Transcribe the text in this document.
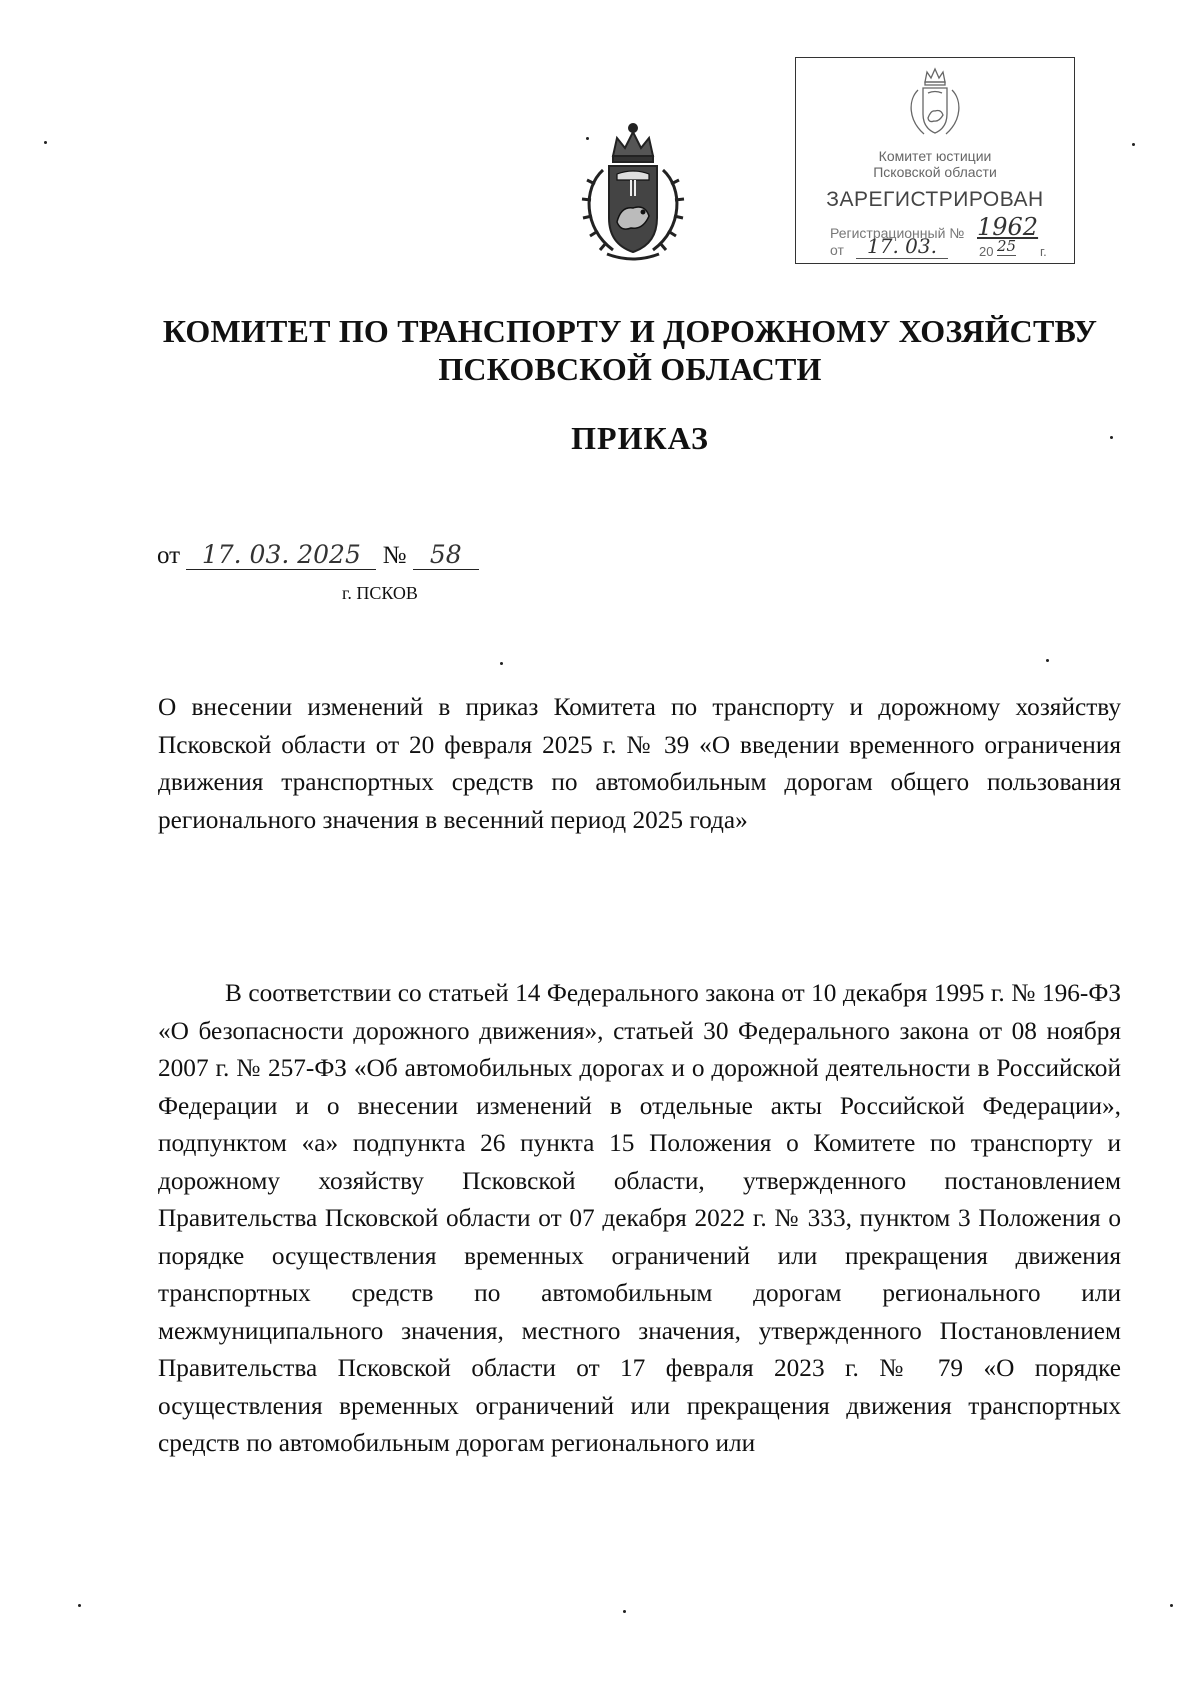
Комитет юстиции
Псковской области
ЗАРЕГИСТРИРОВАН
Регистрационный № 1962
от	17. 03.	20 25 г.
КОМИТЕТ ПО ТРАНСПОРТУ И ДОРОЖНОМУ ХОЗЯЙСТВУ
ПСКОВСКОЙ ОБЛАСТИ
ПРИКАЗ
от 17. 03. 2025 № 58
г. ПСКОВ
О внесении изменений в приказ Комитета по транспорту и дорожному хозяйству Псковской области от 20 февраля 2025 г. № 39 «О введении временного ограничения движения транспортных средств по автомобильным дорогам общего пользования регионального значения в весенний период 2025 года»
В соответствии со статьей 14 Федерального закона от 10 декабря 1995 г. № 196-ФЗ «О безопасности дорожного движения», статьей 30 Федерального закона от 08 ноября 2007 г. № 257-ФЗ «Об автомобильных дорогах и о дорожной деятельности в Российской Федерации и о внесении изменений в отдельные акты Российской Федерации», подпунктом «а» подпункта 26 пункта 15 Положения о Комитете по транспорту и дорожному хозяйству Псковской области, утвержденного постановлением Правительства Псковской области от 07 декабря 2022 г. № 333, пунктом 3 Положения о порядке осуществления временных ограничений или прекращения движения транспортных средств по автомобильным дорогам регионального или межмуниципального значения, местного значения, утвержденного Постановлением Правительства Псковской области от 17 февраля 2023 г. № 79 «О порядке осуществления временных ограничений или прекращения движения транспортных средств по автомобильным дорогам регионального или
